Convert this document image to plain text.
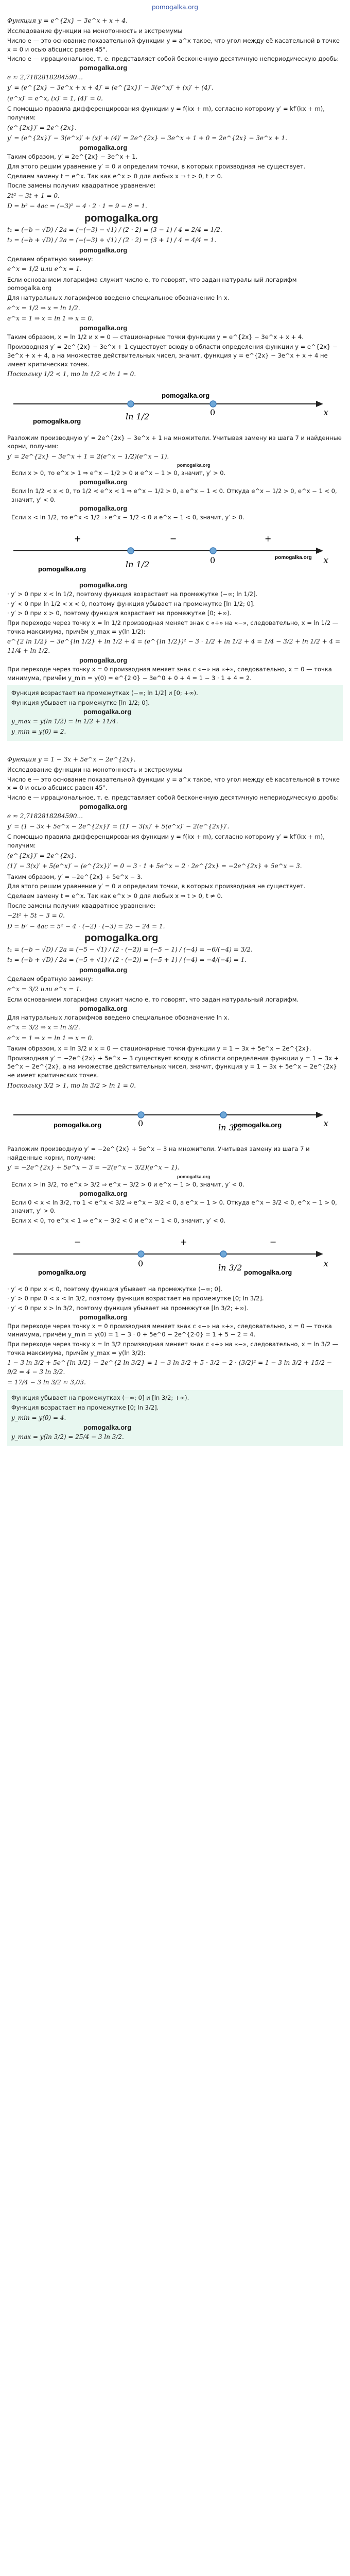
pomogalka.org
Функция y = e^{2x} − 3e^x + x + 4.
Исследование функции на монотонность и экстремумы
Число e — это основание показательной функции y = a^x такое, что угол между её касательной в точке x = 0 и осью абсцисс равен 45°.
Число e — иррациональное, т. е. представляет собой бесконечную десятичную непериодическую дробь:
pomogalka.org
e ≈ 2,7182818284590...
y′ = (e^{2x} − 3e^x + x + 4)′ = (e^{2x})′ − 3(e^x)′ + (x)′ + (4)′.
(e^x)′ = e^x, (x)′ = 1, (4)′ = 0.
С помощью правила дифференцирования функции y = f(kx + m), согласно которому y′ = kf′(kx + m), получим:
(e^{2x})′ = 2e^{2x}.
y′ = (e^{2x})′ − 3(e^x)′ + (x)′ + (4)′ = 2e^{2x} − 3e^x + 1 + 0 = 2e^{2x} − 3e^x + 1.
pomogalka.org
Таким образом, y′ = 2e^{2x} − 3e^x + 1.
Для этого решим уравнение y′ = 0 и определим точки, в которых производная не существует.
Сделаем замену t = e^x. Так как e^x > 0 для любых x ⇒ t > 0, t ≠ 0.
После замены получим квадратное уравнение:
2t² − 3t + 1 = 0.
D = b² − 4ac = (−3)² − 4 · 2 · 1 = 9 − 8 = 1.
pomogalka.org
t₁ = (−b − √D) / 2a = (−(−3) − √1) / (2 · 2) = (3 − 1) / 4 = 2/4 = 1/2.
t₂ = (−b + √D) / 2a = (−(−3) + √1) / (2 · 2) = (3 + 1) / 4 = 4/4 = 1.
pomogalka.org
Сделаем обратную замену:
e^x = 1/2 или e^x = 1.
Если основанием логарифма служит число e, то говорят, что задан натуральный логарифм pomogalka.org
Для натуральных логарифмов введено специальное обозначение ln x.
e^x = 1/2 ⇒ x = ln 1/2.
e^x = 1 ⇒ x = ln 1 ⇒ x = 0.
pomogalka.org
Таким образом, x = ln 1/2 и x = 0 — стационарные точки функции y = e^{2x} − 3e^x + x + 4.
Производная y′ = 2e^{2x} − 3e^x + 1 существует всюду в области определения функции y = e^{2x} − 3e^x + x + 4, а на множестве действительных чисел, значит, функция y = e^{2x} − 3e^x + x + 4 не имеет критических точек.
Поскольку 1/2 < 1, то ln 1/2 < ln 1 = 0.
ln 1/2	0	x
pomogalka.org
pomogalka.org
Разложим производную y′ = 2e^{2x} − 3e^x + 1 на множители. Учитывая замену из шага 7 и найденные корни, получим:
y′ = 2e^{2x} − 3e^x + 1 = 2(e^x − 1/2)(e^x − 1).
pomogalka.org
Если x > 0, то e^x > 1 ⇒ e^x − 1/2 > 0 и e^x − 1 > 0, значит, y′ > 0.
pomogalka.org
Если ln 1/2 < x < 0, то 1/2 < e^x < 1 ⇒ e^x − 1/2 > 0, а e^x − 1 < 0. Откуда e^x − 1/2 > 0, e^x − 1 < 0, значит, y′ < 0.
pomogalka.org
Если x < ln 1/2, то e^x < 1/2 ⇒ e^x − 1/2 < 0 и e^x − 1 < 0, значит, y′ > 0.
+	−	+
ln 1/2	0	x
pomogalka.org
pomogalka.org
pomogalka.org
· y′ > 0 при x < ln 1/2, поэтому функция возрастает на промежутке (−∞; ln 1/2].
· y′ < 0 при ln 1/2 < x < 0, поэтому функция убывает на промежутке [ln 1/2; 0].
· y′ > 0 при x > 0, поэтому функция возрастает на промежутке [0; +∞).
При переходе через точку x = ln 1/2 производная меняет знак с «+» на «−», следовательно, x = ln 1/2 — точка максимума, причём y_max = y(ln 1/2):
e^{2 ln 1/2} − 3e^{ln 1/2} + ln 1/2 + 4 = (e^{ln 1/2})² − 3 · 1/2 + ln 1/2 + 4 = 1/4 − 3/2 + ln 1/2 + 4 = 11/4 + ln 1/2.
pomogalka.org
При переходе через точку x = 0 производная меняет знак с «−» на «+», следовательно, x = 0 — точка минимума, причём y_min = y(0) = e^{2·0} − 3e^0 + 0 + 4 = 1 − 3 · 1 + 4 = 2.
Функция возрастает на промежутках (−∞; ln 1/2] и [0; +∞).
Функция убывает на промежутке [ln 1/2; 0].
pomogalka.org
y_max = y(ln 1/2) = ln 1/2 + 11/4.
y_min = y(0) = 2.
Функция y = 1 − 3x + 5e^x − 2e^{2x}.
Исследование функции на монотонность и экстремумы
Число e — это основание показательной функции y = a^x такое, что угол между её касательной в точке x = 0 и осью абсцисс равен 45°.
Число e — иррациональное, т. е. представляет собой бесконечную десятичную непериодическую дробь:
pomogalka.org
e ≈ 2,7182818284590...
y′ = (1 − 3x + 5e^x − 2e^{2x})′ = (1)′ − 3(x)′ + 5(e^x)′ − 2(e^{2x})′.
С помощью правила дифференцирования функции y = f(kx + m), согласно которому y′ = kf′(kx + m), получим:
(e^{2x})′ = 2e^{2x}.
(1)′ − 3(x)′ + 5(e^x)′ − (e^{2x})′ = 0 − 3 · 1 + 5e^x − 2 · 2e^{2x} = −2e^{2x} + 5e^x − 3.
Таким образом, y′ = −2e^{2x} + 5e^x − 3.
Для этого решим уравнение y′ = 0 и определим точки, в которых производная не существует.
Сделаем замену t = e^x. Так как e^x > 0 для любых x ⇒ t > 0, t ≠ 0.
После замены получим квадратное уравнение:
−2t² + 5t − 3 = 0.
D = b² − 4ac = 5² − 4 · (−2) · (−3) = 25 − 24 = 1.
pomogalka.org
t₁ = (−b − √D) / 2a = (−5 − √1) / (2 · (−2)) = (−5 − 1) / (−4) = −6/(−4) = 3/2.
t₂ = (−b + √D) / 2a = (−5 + √1) / (2 · (−2)) = (−5 + 1) / (−4) = −4/(−4) = 1.
pomogalka.org
Сделаем обратную замену:
e^x = 3/2 или e^x = 1.
Если основанием логарифма служит число e, то говорят, что задан натуральный логарифм.
pomogalka.org
Для натуральных логарифмов введено специальное обозначение ln x.
e^x = 3/2 ⇒ x = ln 3/2.
e^x = 1 ⇒ x = ln 1 ⇒ x = 0.
Таким образом, x = ln 3/2 и x = 0 — стационарные точки функции y = 1 − 3x + 5e^x − 2e^{2x}.
Производная y′ = −2e^{2x} + 5e^x − 3 существует всюду в области определения функции y = 1 − 3x + 5e^x − 2e^{2x}, а на множестве действительных чисел, значит, функция y = 1 − 3x + 5e^x − 2e^{2x} не имеет критических точек.
Поскольку 3/2 > 1, то ln 3/2 > ln 1 = 0.
0	ln 3/2	x
pomogalka.org	pomogalka.org
Разложим производную y′ = −2e^{2x} + 5e^x − 3 на множители. Учитывая замену из шага 7 и найденные корни, получим:
y′ = −2e^{2x} + 5e^x − 3 = −2(e^x − 3/2)(e^x − 1).
pomogalka.org
Если x > ln 3/2, то e^x > 3/2 ⇒ e^x − 3/2 > 0 и e^x − 1 > 0, значит, y′ < 0.
pomogalka.org
Если 0 < x < ln 3/2, то 1 < e^x < 3/2 ⇒ e^x − 3/2 < 0, а e^x − 1 > 0. Откуда e^x − 3/2 < 0, e^x − 1 > 0, значит, y′ > 0.
Если x < 0, то e^x < 1 ⇒ e^x − 3/2 < 0 и e^x − 1 < 0, значит, y′ < 0.
−	+	−
0	ln 3/2	x
pomogalka.org	pomogalka.org
· y′ < 0 при x < 0, поэтому функция убывает на промежутке (−∞; 0].
· y′ > 0 при 0 < x < ln 3/2, поэтому функция возрастает на промежутке [0; ln 3/2].
· y′ < 0 при x > ln 3/2, поэтому функция убывает на промежутке [ln 3/2; +∞).
pomogalka.org
При переходе через точку x = 0 производная меняет знак с «−» на «+», следовательно, x = 0 — точка минимума, причём y_min = y(0) = 1 − 3 · 0 + 5e^0 − 2e^{2·0} = 1 + 5 − 2 = 4.
При переходе через точку x = ln 3/2 производная меняет знак с «+» на «−», следовательно, x = ln 3/2 — точка максимума, причём y_max = y(ln 3/2):
1 − 3 ln 3/2 + 5e^{ln 3/2} − 2e^{2 ln 3/2} = 1 − 3 ln 3/2 + 5 · 3/2 − 2 · (3/2)² = 1 − 3 ln 3/2 + 15/2 − 9/2 = 4 − 3 ln 3/2.
= 17/4 − 3 ln 3/2 ≈ 3,03.
Функция убывает на промежутках (−∞; 0] и [ln 3/2; +∞).
Функция возрастает на промежутке [0; ln 3/2].
y_min = y(0) = 4.
pomogalka.org
y_max = y(ln 3/2) = 25/4 − 3 ln 3/2.
